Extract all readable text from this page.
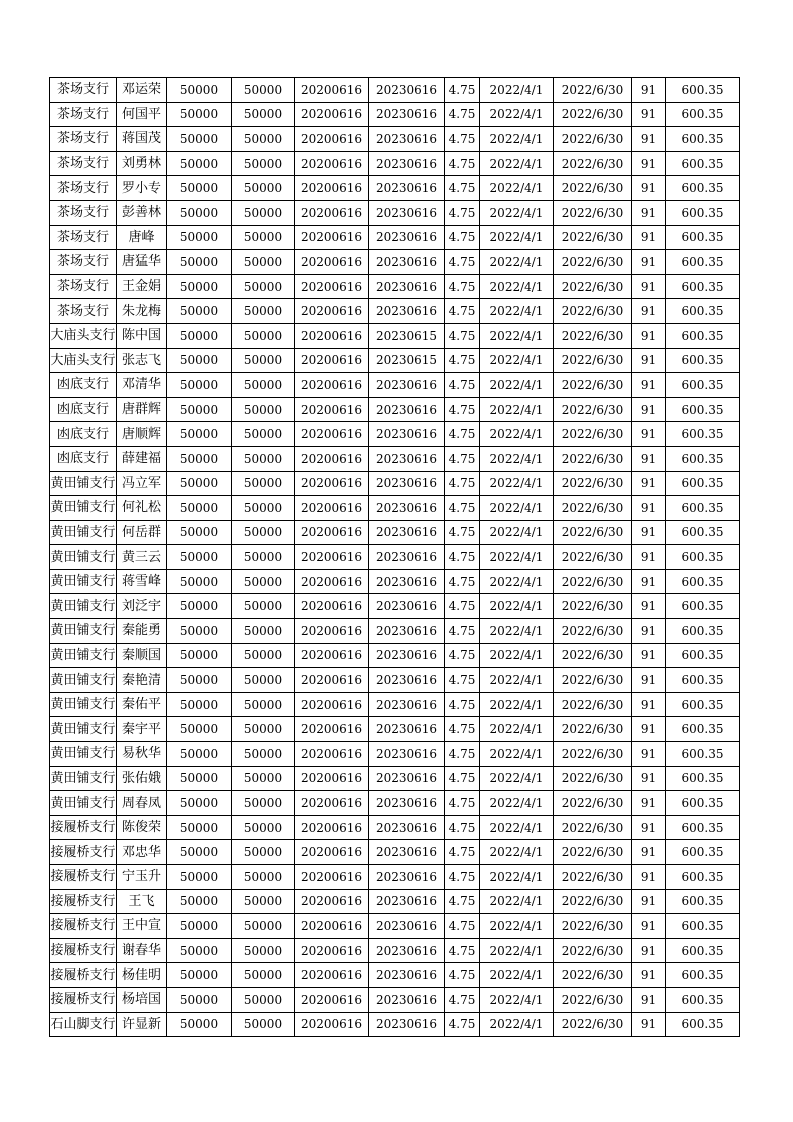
茶场支行	邓运荣	50000	50000	20200616	20230616	4.75	2022/4/1	2022/6/30	91	600.35
茶场支行	何国平	50000	50000	20200616	20230616	4.75	2022/4/1	2022/6/30	91	600.35
茶场支行	蒋国茂	50000	50000	20200616	20230616	4.75	2022/4/1	2022/6/30	91	600.35
茶场支行	刘勇林	50000	50000	20200616	20230616	4.75	2022/4/1	2022/6/30	91	600.35
茶场支行	罗小专	50000	50000	20200616	20230616	4.75	2022/4/1	2022/6/30	91	600.35
茶场支行	彭善林	50000	50000	20200616	20230616	4.75	2022/4/1	2022/6/30	91	600.35
茶场支行	唐峰	50000	50000	20200616	20230616	4.75	2022/4/1	2022/6/30	91	600.35
茶场支行	唐猛华	50000	50000	20200616	20230616	4.75	2022/4/1	2022/6/30	91	600.35
茶场支行	王金娟	50000	50000	20200616	20230616	4.75	2022/4/1	2022/6/30	91	600.35
茶场支行	朱龙梅	50000	50000	20200616	20230616	4.75	2022/4/1	2022/6/30	91	600.35
大庙头支行	陈中国	50000	50000	20200616	20230615	4.75	2022/4/1	2022/6/30	91	600.35
大庙头支行	张志飞	50000	50000	20200616	20230615	4.75	2022/4/1	2022/6/30	91	600.35
凼底支行	邓清华	50000	50000	20200616	20230616	4.75	2022/4/1	2022/6/30	91	600.35
凼底支行	唐群辉	50000	50000	20200616	20230616	4.75	2022/4/1	2022/6/30	91	600.35
凼底支行	唐顺辉	50000	50000	20200616	20230616	4.75	2022/4/1	2022/6/30	91	600.35
凼底支行	薛建福	50000	50000	20200616	20230616	4.75	2022/4/1	2022/6/30	91	600.35
黄田铺支行	冯立军	50000	50000	20200616	20230616	4.75	2022/4/1	2022/6/30	91	600.35
黄田铺支行	何礼松	50000	50000	20200616	20230616	4.75	2022/4/1	2022/6/30	91	600.35
黄田铺支行	何岳群	50000	50000	20200616	20230616	4.75	2022/4/1	2022/6/30	91	600.35
黄田铺支行	黄三云	50000	50000	20200616	20230616	4.75	2022/4/1	2022/6/30	91	600.35
黄田铺支行	蒋雪峰	50000	50000	20200616	20230616	4.75	2022/4/1	2022/6/30	91	600.35
黄田铺支行	刘泛宇	50000	50000	20200616	20230616	4.75	2022/4/1	2022/6/30	91	600.35
黄田铺支行	秦能勇	50000	50000	20200616	20230616	4.75	2022/4/1	2022/6/30	91	600.35
黄田铺支行	秦顺国	50000	50000	20200616	20230616	4.75	2022/4/1	2022/6/30	91	600.35
黄田铺支行	秦艳清	50000	50000	20200616	20230616	4.75	2022/4/1	2022/6/30	91	600.35
黄田铺支行	秦佑平	50000	50000	20200616	20230616	4.75	2022/4/1	2022/6/30	91	600.35
黄田铺支行	秦宇平	50000	50000	20200616	20230616	4.75	2022/4/1	2022/6/30	91	600.35
黄田铺支行	易秋华	50000	50000	20200616	20230616	4.75	2022/4/1	2022/6/30	91	600.35
黄田铺支行	张佑娥	50000	50000	20200616	20230616	4.75	2022/4/1	2022/6/30	91	600.35
黄田铺支行	周春凤	50000	50000	20200616	20230616	4.75	2022/4/1	2022/6/30	91	600.35
接履桥支行	陈俊荣	50000	50000	20200616	20230616	4.75	2022/4/1	2022/6/30	91	600.35
接履桥支行	邓忠华	50000	50000	20200616	20230616	4.75	2022/4/1	2022/6/30	91	600.35
接履桥支行	宁玉升	50000	50000	20200616	20230616	4.75	2022/4/1	2022/6/30	91	600.35
接履桥支行	王飞	50000	50000	20200616	20230616	4.75	2022/4/1	2022/6/30	91	600.35
接履桥支行	王中宣	50000	50000	20200616	20230616	4.75	2022/4/1	2022/6/30	91	600.35
接履桥支行	谢春华	50000	50000	20200616	20230616	4.75	2022/4/1	2022/6/30	91	600.35
接履桥支行	杨佳明	50000	50000	20200616	20230616	4.75	2022/4/1	2022/6/30	91	600.35
接履桥支行	杨培国	50000	50000	20200616	20230616	4.75	2022/4/1	2022/6/30	91	600.35
石山脚支行	许显新	50000	50000	20200616	20230616	4.75	2022/4/1	2022/6/30	91	600.35
